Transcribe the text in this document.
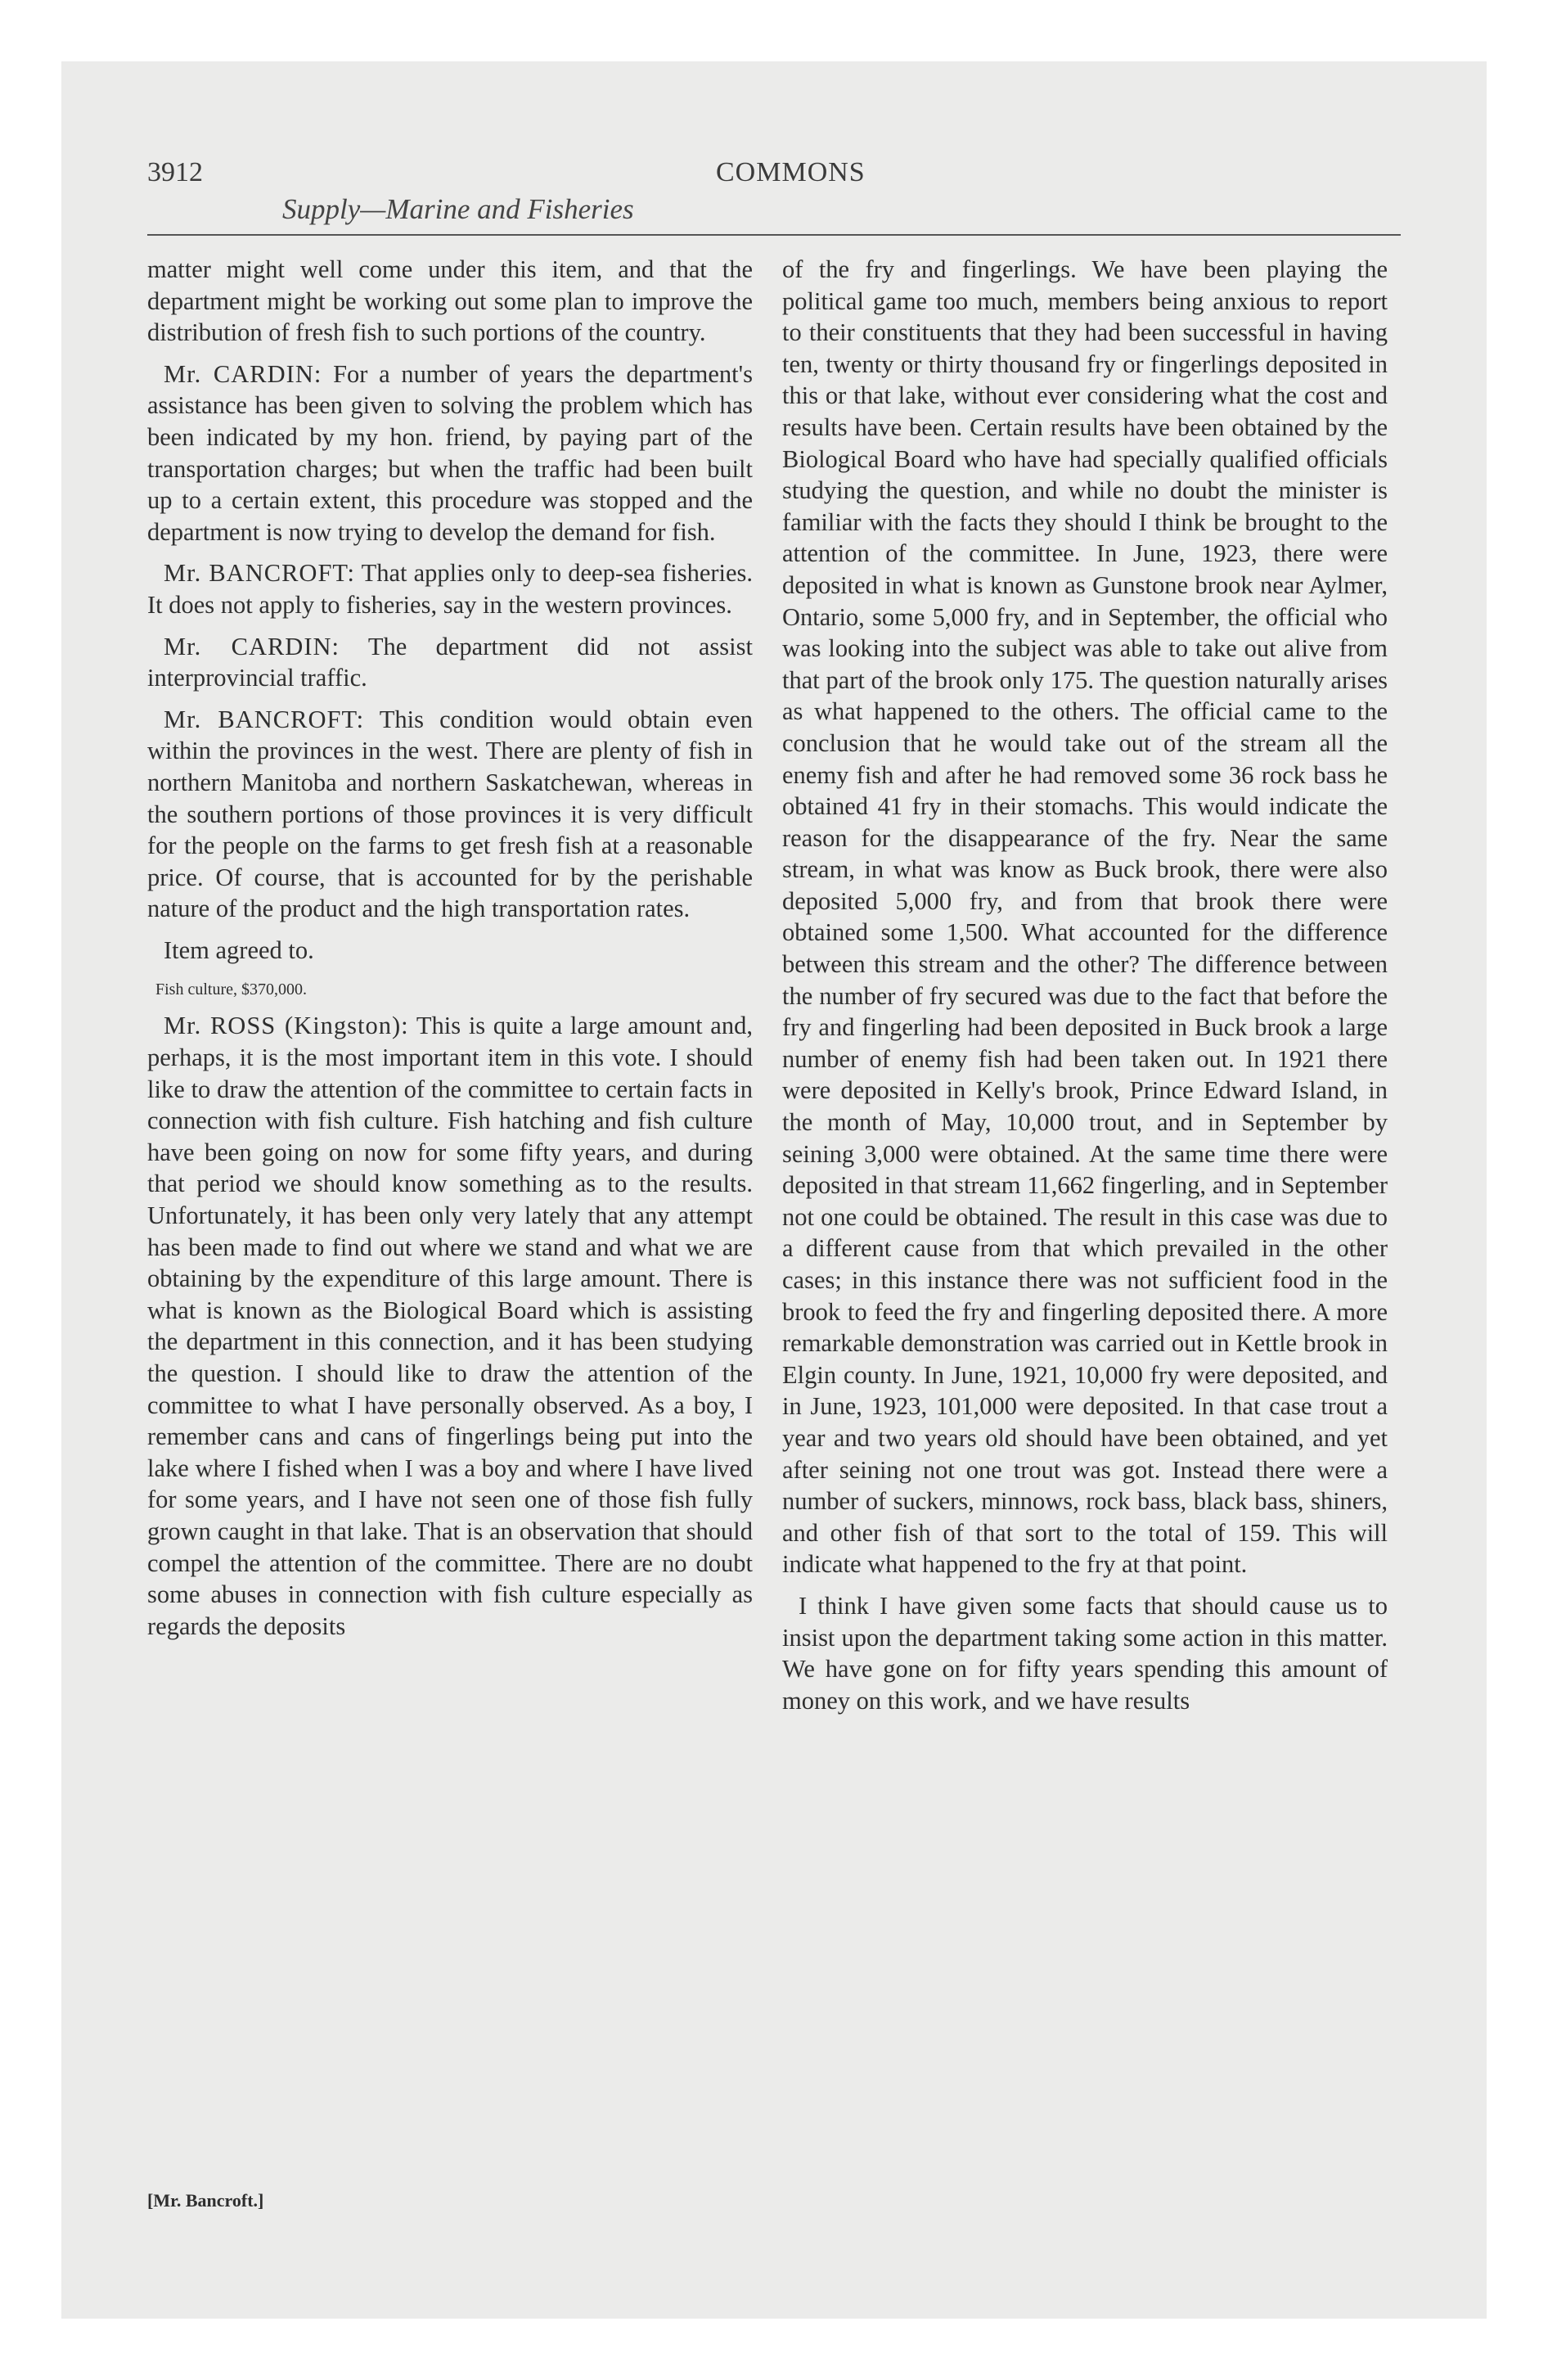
3912	COMMONS
Supply—Marine and Fisheries

matter might well come under this item, and that the department might be working out some plan to improve the distribution of fresh fish to such portions of the country.

Mr. CARDIN: For a number of years the department's assistance has been given to solving the problem which has been indicated by my hon. friend, by paying part of the transportation charges; but when the traffic had been built up to a certain extent, this procedure was stopped and the department is now trying to develop the demand for fish.

Mr. BANCROFT: That applies only to deep-sea fisheries. It does not apply to fisheries, say in the western provinces.

Mr. CARDIN: The department did not assist interprovincial traffic.

Mr. BANCROFT: This condition would obtain even within the provinces in the west. There are plenty of fish in northern Manitoba and northern Saskatchewan, whereas in the southern portions of those provinces it is very difficult for the people on the farms to get fresh fish at a reasonable price. Of course, that is accounted for by the perishable nature of the product and the high transportation rates.

Item agreed to.

Fish culture, $370,000.

Mr. ROSS (Kingston): This is quite a large amount and, perhaps, it is the most important item in this vote. I should like to draw the attention of the committee to certain facts in connection with fish culture. Fish hatching and fish culture have been going on now for some fifty years, and during that period we should know something as to the results. Unfortunately, it has been only very lately that any attempt has been made to find out where we stand and what we are obtaining by the expenditure of this large amount. There is what is known as the Biological Board which is assisting the department in this connection, and it has been studying the question. I should like to draw the attention of the committee to what I have personally observed. As a boy, I remember cans and cans of fingerlings being put into the lake where I fished when I was a boy and where I have lived for some years, and I have not seen one of those fish fully grown caught in that lake. That is an observation that should compel the attention of the committee. There are no doubt some abuses in connection with fish culture especially as regards the deposits

of the fry and fingerlings. We have been playing the political game too much, members being anxious to report to their constituents that they had been successful in having ten, twenty or thirty thousand fry or fingerlings deposited in this or that lake, without ever considering what the cost and results have been. Certain results have been obtained by the Biological Board who have had specially qualified officials studying the question, and while no doubt the minister is familiar with the facts they should I think be brought to the attention of the committee. In June, 1923, there were deposited in what is known as Gunstone brook near Aylmer, Ontario, some 5,000 fry, and in September, the official who was looking into the subject was able to take out alive from that part of the brook only 175. The question naturally arises as what happened to the others. The official came to the conclusion that he would take out of the stream all the enemy fish and after he had removed some 36 rock bass he obtained 41 fry in their stomachs. This would indicate the reason for the disappearance of the fry. Near the same stream, in what was know as Buck brook, there were also deposited 5,000 fry, and from that brook there were obtained some 1,500. What accounted for the difference between this stream and the other? The difference between the number of fry secured was due to the fact that before the fry and fingerling had been deposited in Buck brook a large number of enemy fish had been taken out. In 1921 there were deposited in Kelly's brook, Prince Edward Island, in the month of May, 10,000 trout, and in September by seining 3,000 were obtained. At the same time there were deposited in that stream 11,662 fingerling, and in September not one could be obtained. The result in this case was due to a different cause from that which prevailed in the other cases; in this instance there was not sufficient food in the brook to feed the fry and fingerling deposited there. A more remarkable demonstration was carried out in Kettle brook in Elgin county. In June, 1921, 10,000 fry were deposited, and in June, 1923, 101,000 were deposited. In that case trout a year and two years old should have been obtained, and yet after seining not one trout was got. Instead there were a number of suckers, minnows, rock bass, black bass, shiners, and other fish of that sort to the total of 159. This will indicate what happened to the fry at that point.

I think I have given some facts that should cause us to insist upon the department taking some action in this matter. We have gone on for fifty years spending this amount of money on this work, and we have results

[Mr. Bancroft.]
